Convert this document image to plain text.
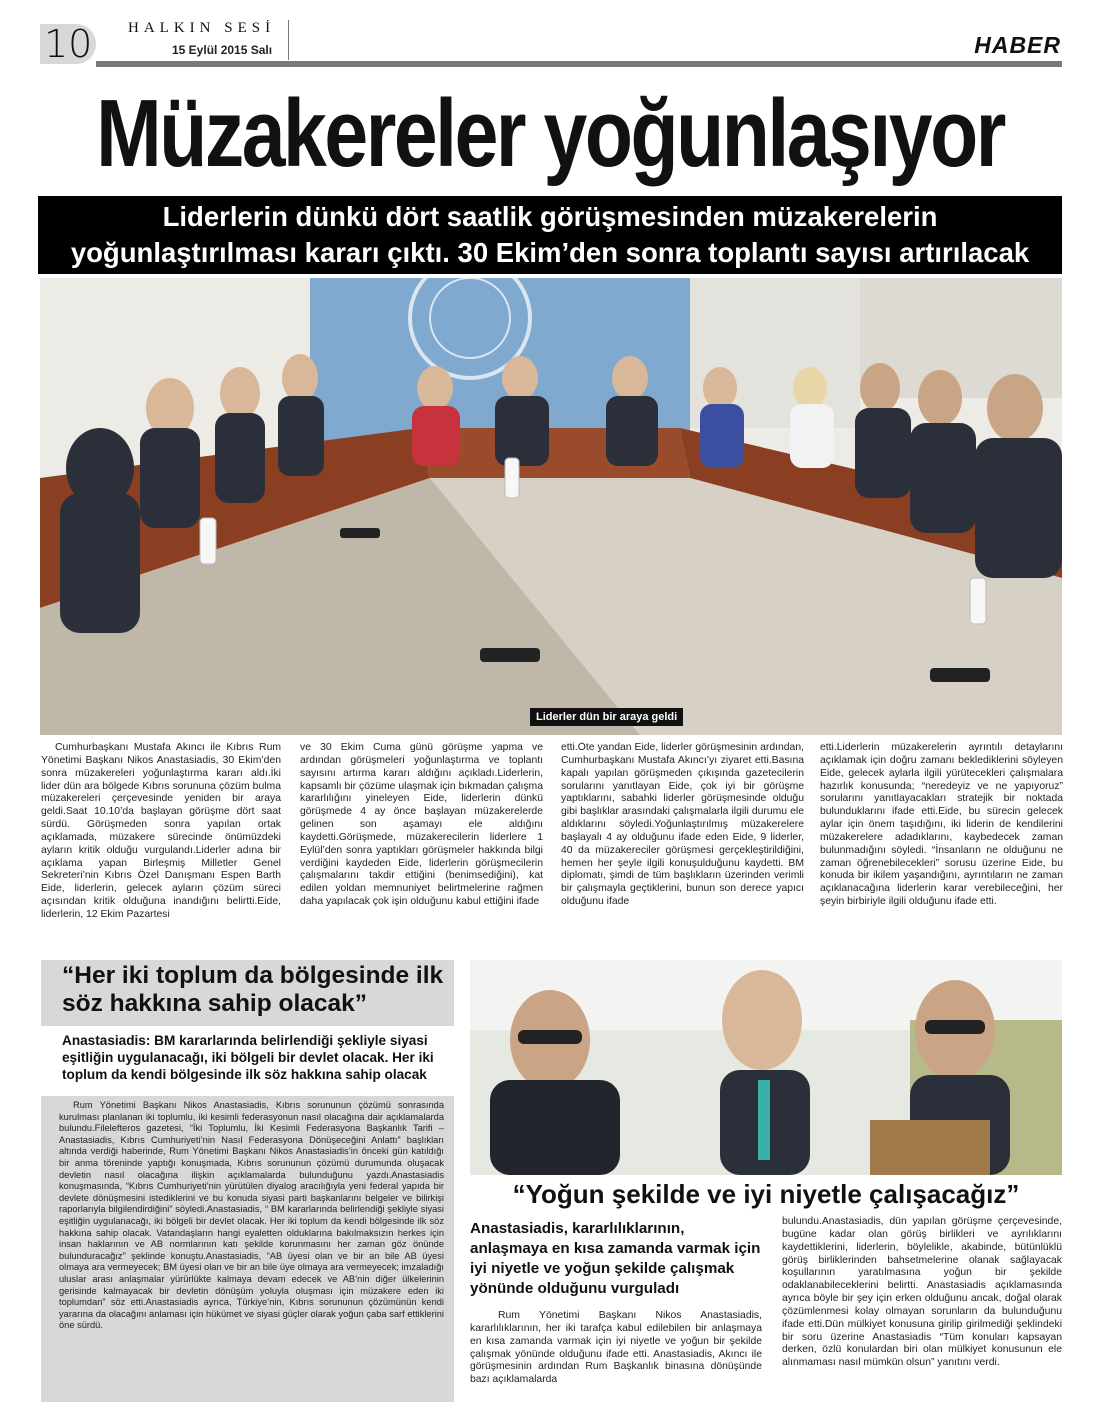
10 HALKIN SESİ
15 Eylül 2015 Salı	HABER
Müzakereler yoğunlaşıyor
Liderlerin dünkü dört saatlik görüşmesinden müzakerelerin
yoğunlaştırılması kararı çıktı. 30 Ekim’den sonra toplantı sayısı artırılacak
Liderler dün bir araya geldi
Cumhurbaşkanı Mustafa Akıncı ile Kıbrıs Rum Yönetimi Başkanı Nikos Anastasiadis, 30 Ekim’den sonra müzakereleri yoğunlaştırma kararı aldı.İki lider dün ara bölgede Kıbrıs sorununa çözüm bulma müzakereleri çerçevesinde yeniden bir araya geldi.Saat 10.10’da başlayan görüşme dört saat sürdü. Görüşmeden sonra yapılan ortak açıklamada, müzakere sürecinde önümüzdeki ayların kritik olduğu vurgulandı.Liderler adına bir açıklama yapan Birleşmiş Milletler Genel Sekreteri’nin Kıbrıs Özel Danışmanı Espen Barth Eide, liderlerin, gelecek ayların çözüm süreci açısından kritik olduğuna inandığını belirtti.Eide, liderlerin, 12 Ekim Pazartesi
ve 30 Ekim Cuma günü görüşme yapma ve ardından görüşmeleri yoğunlaştırma ve toplantı sayısını artırma kararı aldığını açıkladı.Liderlerin, kapsamlı bir çözüme ulaşmak için bıkmadan çalışma kararlılığını yineleyen Eide, liderlerin dünkü görüşmede 4 ay önce başlayan müzakerelerde gelinen son aşamayı ele aldığını kaydetti.Görüşmede, müzakerecilerin liderlere 1 Eylül’den sonra yaptıkları görüşmeler hakkında bilgi verdiğini kaydeden Eide, liderlerin görüşmecilerin çalışmalarını takdir ettiğini (benimsediğini), kat edilen yoldan memnuniyet belirtmelerine rağmen daha yapılacak çok işin olduğunu kabul ettiğini ifade
etti.Öte yandan Eide, liderler görüşmesinin ardından, Cumhurbaşkanı Mustafa Akıncı’yı ziyaret etti.Basına kapalı yapılan görüşmeden çıkışında gazetecilerin sorularını yanıtlayan Eide, çok iyi bir görüşme yaptıklarını, sabahki liderler görüşmesinde olduğu gibi başlıklar arasındaki çalışmalarla ilgili durumu ele aldıklarını söyledi.Yoğunlaştırılmış müzakerelere başlayalı 4 ay olduğunu ifade eden Eide, 9 liderler, 40 da müzakereciler görüşmesi gerçekleştirildiğini, hemen her şeyle ilgili konuşulduğunu kaydetti. BM diplomatı, şimdi de tüm başlıkların üzerinden verimli bir çalışmayla geçtiklerini, bunun son derece yapıcı olduğunu ifade
etti.Liderlerin müzakerelerin ayrıntılı detaylarını açıklamak için doğru zamanı beklediklerini söyleyen Eide, gelecek aylarla ilgili yürütecekleri çalışmalara hazırlık konusunda; “neredeyiz ve ne yapıyoruz” sorularını yanıtlayacakları stratejik bir noktada bulunduklarını ifade etti.Eide, bu sürecin gelecek aylar için önem taşıdığını, iki liderin de kendilerini müzakerelere adadıklarını, kaybedecek zaman bulunmadığını söyledi. “İnsanların ne olduğunu ne zaman öğrenebilecekleri” sorusu üzerine Eide, bu konuda bir ikilem yaşandığını, ayrıntıların ne zaman açıklanacağına liderlerin karar verebileceğini, her şeyin birbiriyle ilgili olduğunu ifade etti.
“Her iki toplum da bölgesinde ilk söz hakkına sahip olacak”
Anastasiadis: BM kararlarında belirlendiği şekliyle siyasi eşitliğin uygulanacağı, iki bölgeli bir devlet olacak. Her iki toplum da kendi bölgesinde ilk söz hakkına sahip olacak
Rum Yönetimi Başkanı Nikos Anastasiadis, Kıbrıs sorununun çözümü sonrasında kurulması planlanan iki toplumlu, iki kesimli federasyonun nasıl olacağına dair açıklamalarda bulundu.Filelefteros gazetesi, “İki Toplumlu, İki Kesimli Federasyona Başkanlık Tarifi – Anastasiadis, Kıbrıs Cumhuriyeti’nin Nasıl Federasyona Dönüşeceğini Anlattı” başlıkları altında verdiği haberinde, Rum Yönetimi Başkanı Nikos Anastasiadis’in önceki gün katıldığı bir anma töreninde yaptığı konuşmada, Kıbrıs sorununun çözümü durumunda oluşacak devletin nasıl olacağına ilişkin açıklamalarda bulunduğunu yazdı.Anastasiadis konuşmasında, “Kıbrıs Cumhuriyeti’nin yürütülen diyalog aracılığıyla yeni federal yapıda bir devlete dönüşmesini istediklerini ve bu konuda siyasi parti başkanlarını belgeler ve bilirkişi raporlarıyla bilgilendirdiğini” söyledi.Anastasiadis, “ BM kararlarında belirlendiği şekliyle siyasi eşitliğin uygulanacağı, iki bölgeli bir devlet olacak. Her iki toplum da kendi bölgesinde ilk söz hakkına sahip olacak. Vatandaşların hangi eyaletten olduklarına bakılmaksızın herkes için insan haklarının ve AB normlarının katı şekilde korunmasını her zaman göz önünde bulunduracağız” şeklinde konuştu.Anastasiadis, “AB üyesi olan ve bir an bile AB üyesi olmaya ara vermeyecek; BM üyesi olan ve bir an bile üye olmaya ara vermeyecek; imzaladığı uluslar arası anlaşmalar yürürlükte kalmaya devam edecek ve AB’nin diğer ülkelerinin gerisinde kalmayacak bir devletin dönüşüm yoluyla oluşması için müzakere eden iki toplumdan” söz etti.Anastasiadis ayrıca, Türkiye’nin, Kıbrıs sorununun çözümünün kendi yararına da olacağını anlaması için hükümet ve siyasi güçler olarak yoğun çaba sarf ettiklerini öne sürdü.
“Yoğun şekilde ve iyi niyetle çalışacağız”
Anastasiadis, kararlılıklarının, anlaşmaya en kısa zamanda varmak için iyi niyetle ve yoğun şekilde çalışmak yönünde olduğunu vurguladı
Rum Yönetimi Başkanı Nikos Anastasiadis, kararlılıklarının, her iki tarafça kabul edilebilen bir anlaşmaya en kısa zamanda varmak için iyi niyetle ve yoğun bir şekilde çalışmak yönünde olduğunu ifade etti. Anastasiadis, Akıncı ile görüşmesinin ardından Rum Başkanlık binasına dönüşünde bazı açıklamalarda
bulundu.Anastasiadis, dün yapılan görüşme çerçevesinde, bugüne kadar olan görüş birlikleri ve ayrılıklarını kaydettiklerini, liderlerin, böylelikle, akabinde, bütünlüklü görüş birliklerinden bahsetmelerine olanak sağlayacak koşullarının yaratılmasına yoğun bir şekilde odaklanabileceklerini belirtti. Anastasiadis açıklamasında ayrıca böyle bir şey için erken olduğunu ancak, doğal olarak çözümlenmesi kolay olmayan sorunların da bulunduğunu ifade etti.Dün mülkiyet konusuna girilip girilmediği şeklindeki bir soru üzerine Anastasiadis “Tüm konuları kapsayan derken, özlü konulardan biri olan mülkiyet konusunun ele alınmaması nasıl mümkün olsun” yanıtını verdi.
